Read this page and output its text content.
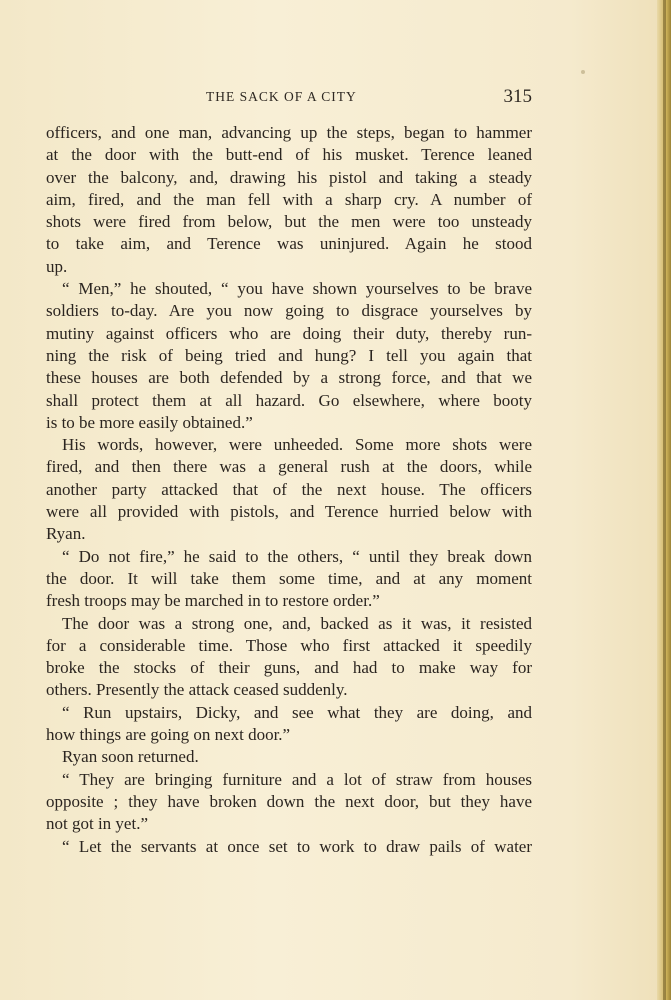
THE SACK OF A CITY	315
officers, and one man, advancing up the steps, began to hammer
at the door with the butt-end of his musket. Terence leaned
over the balcony, and, drawing his pistol and taking a steady
aim, fired, and the man fell with a sharp cry. A number of
shots were fired from below, but the men were too unsteady
to take aim, and Terence was uninjured. Again he stood
up.
“ Men,” he shouted, “ you have shown yourselves to be brave
soldiers to-day. Are you now going to disgrace yourselves by
mutiny against officers who are doing their duty, thereby run-
ning the risk of being tried and hung? I tell you again that
these houses are both defended by a strong force, and that we
shall protect them at all hazard. Go elsewhere, where booty
is to be more easily obtained.”
His words, however, were unheeded. Some more shots were
fired, and then there was a general rush at the doors, while
another party attacked that of the next house. The officers
were all provided with pistols, and Terence hurried below with
Ryan.
“ Do not fire,” he said to the others, “ until they break down
the door. It will take them some time, and at any moment
fresh troops may be marched in to restore order.”
The door was a strong one, and, backed as it was, it resisted
for a considerable time. Those who first attacked it speedily
broke the stocks of their guns, and had to make way for
others. Presently the attack ceased suddenly.
“ Run upstairs, Dicky, and see what they are doing, and
how things are going on next door.”
Ryan soon returned.
“ They are bringing furniture and a lot of straw from houses
opposite ; they have broken down the next door, but they have
not got in yet.”
“ Let the servants at once set to work to draw pails of water
